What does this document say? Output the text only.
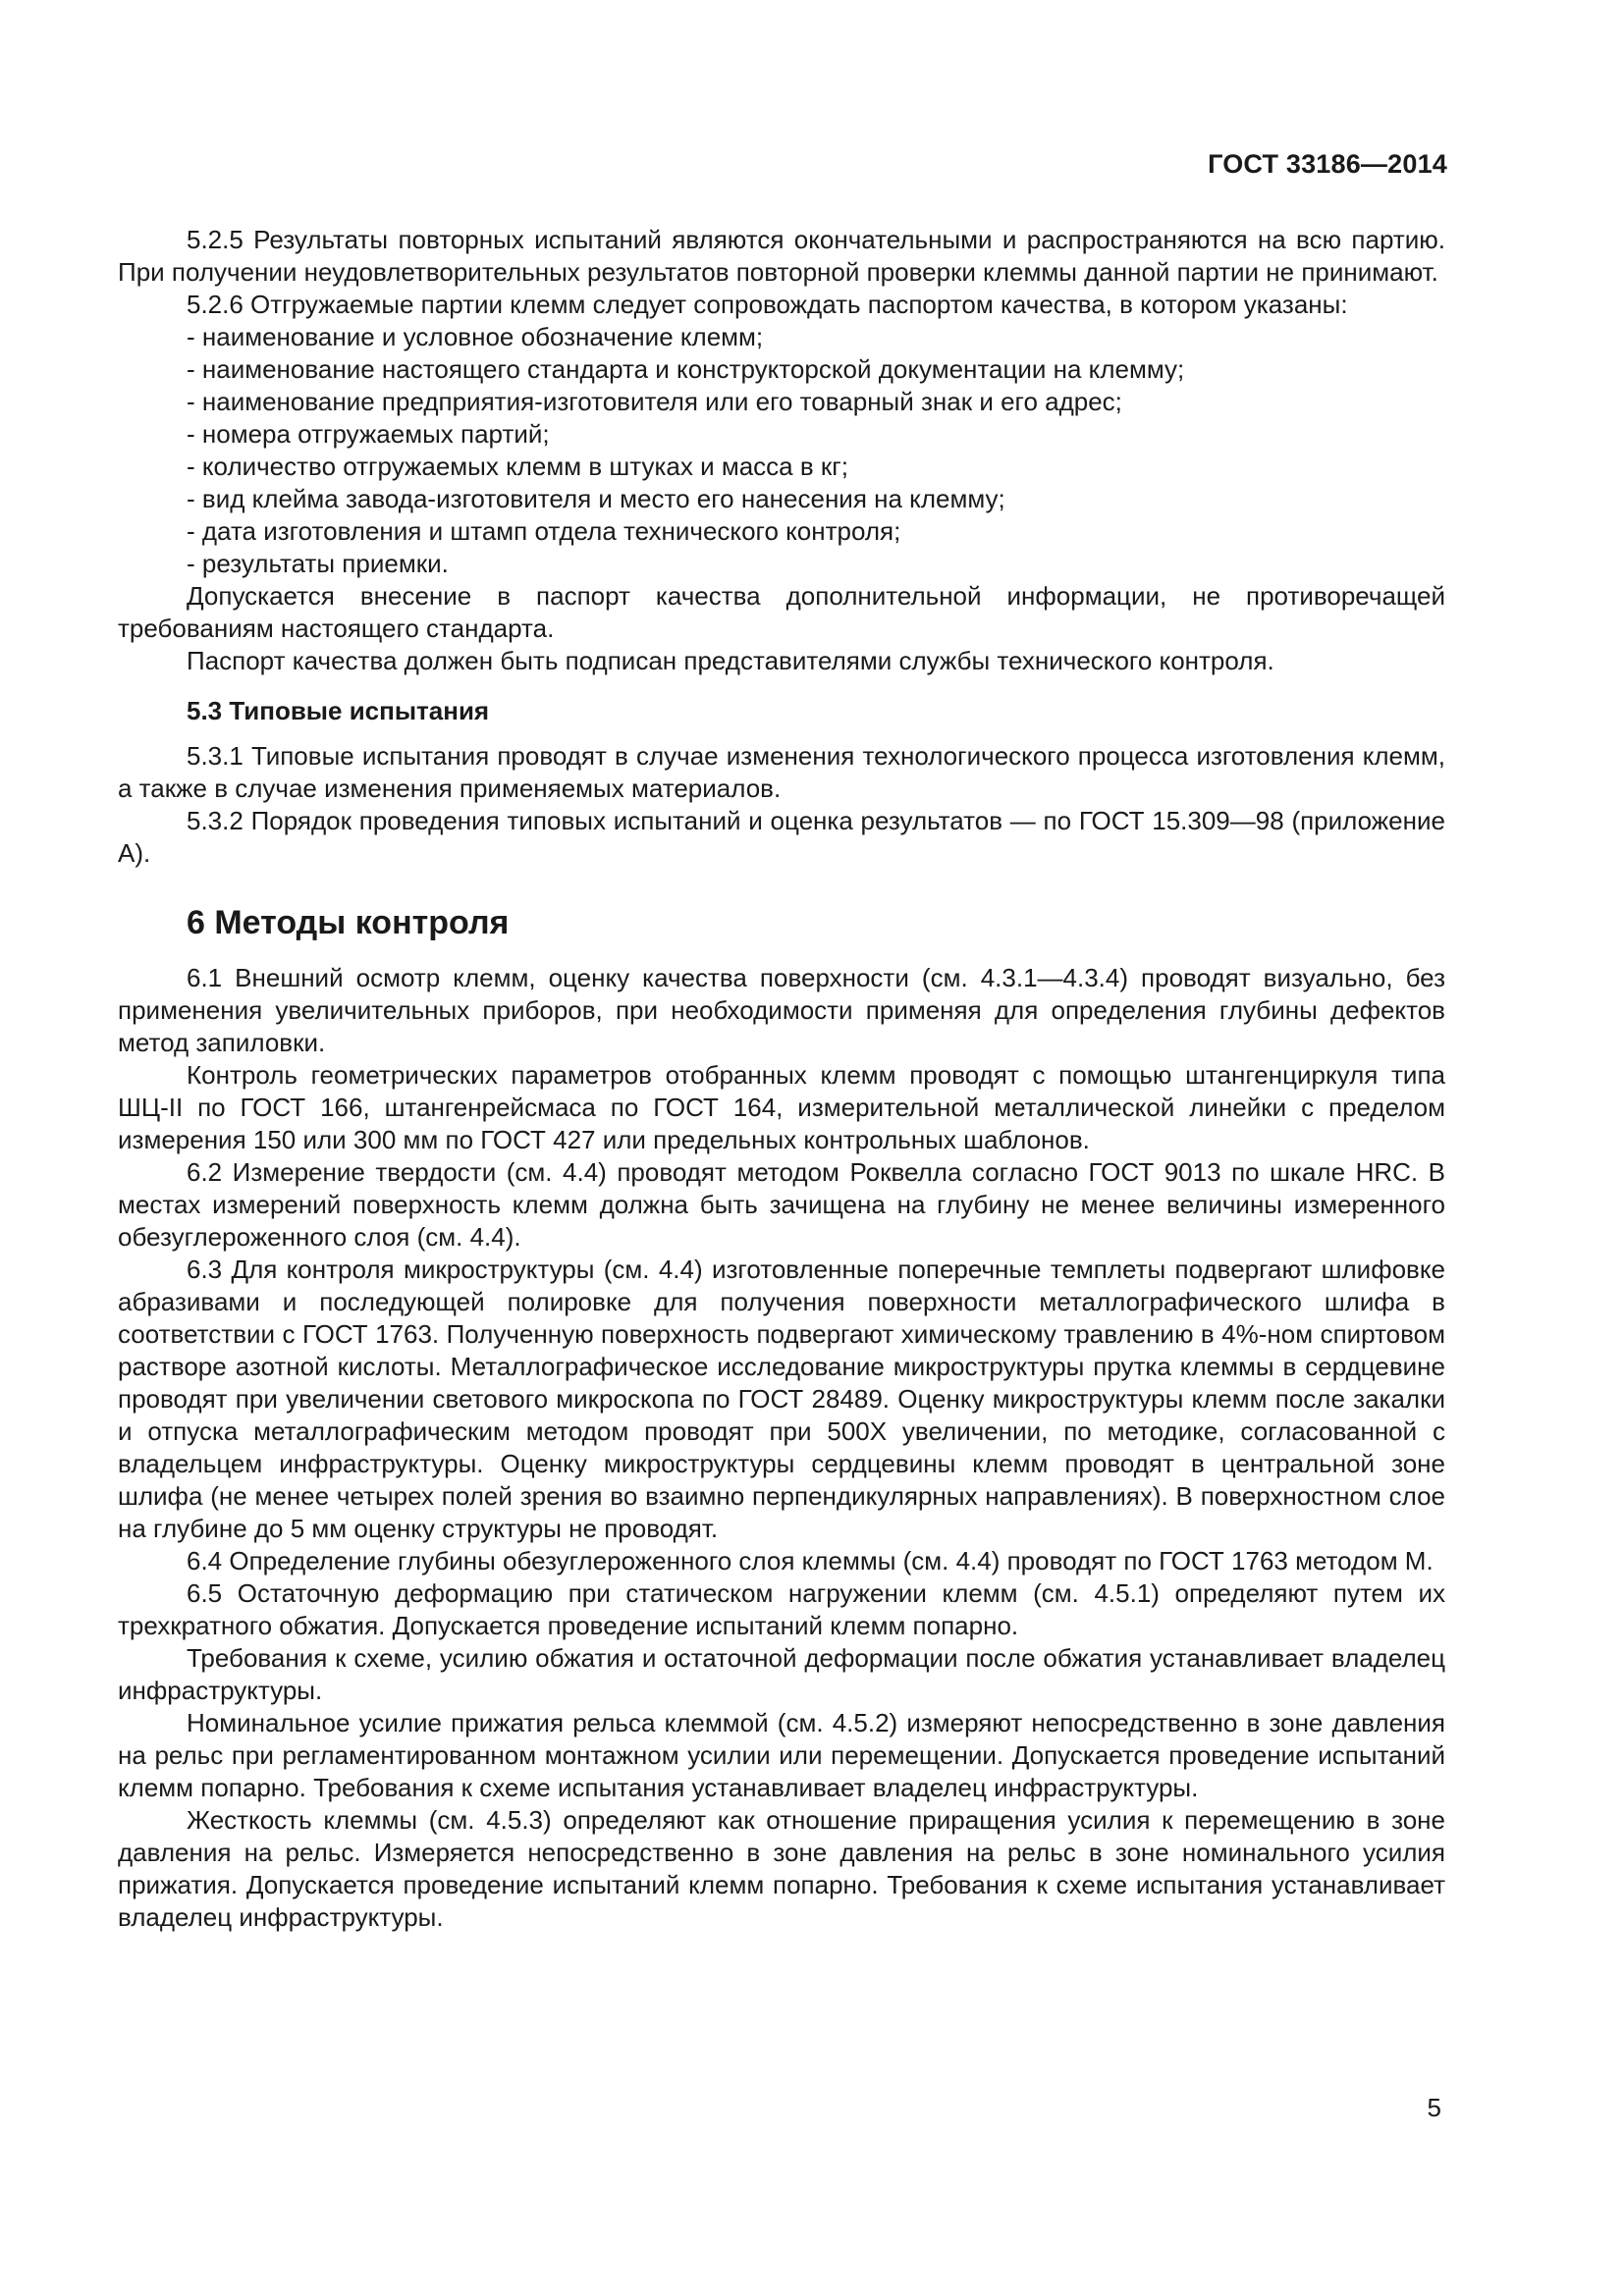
ГОСТ 33186—2014

5.2.5 Результаты повторных испытаний являются окончательными и распространяются на всю партию. При получении неудовлетворительных результатов повторной проверки клеммы данной партии не принимают.

5.2.6 Отгружаемые партии клемм следует сопровождать паспортом качества, в котором указаны:

- наименование и условное обозначение клемм;

- наименование настоящего стандарта и конструкторской документации на клемму;

- наименование предприятия-изготовителя или его товарный знак и его адрес;

- номера отгружаемых партий;

- количество отгружаемых клемм в штуках и масса в кг;

- вид клейма завода-изготовителя и место его нанесения на клемму;

- дата изготовления и штамп отдела технического контроля;

- результаты приемки.

Допускается внесение в паспорт качества дополнительной информации, не противоречащей требованиям настоящего стандарта.

Паспорт качества должен быть подписан представителями службы технического контроля.

5.3 Типовые испытания

5.3.1 Типовые испытания проводят в случае изменения технологического процесса изготовления клемм, а также в случае изменения применяемых материалов.

5.3.2 Порядок проведения типовых испытаний и оценка результатов — по ГОСТ 15.309—98 (приложение А).

6 Методы контроля

6.1 Внешний осмотр клемм, оценку качества поверхности (см. 4.3.1—4.3.4) проводят визуально, без применения увеличительных приборов, при необходимости применяя для определения глубины дефектов метод запиловки.

Контроль геометрических параметров отобранных клемм проводят с помощью штангенциркуля типа ШЦ-II по ГОСТ 166, штангенрейсмаса по ГОСТ 164, измерительной металлической линейки с пределом измерения 150 или 300 мм по ГОСТ 427 или предельных контрольных шаблонов.

6.2 Измерение твердости (см. 4.4) проводят методом Роквелла согласно ГОСТ 9013 по шкале HRC. В местах измерений поверхность клемм должна быть зачищена на глубину не менее величины измеренного обезуглероженного слоя (см. 4.4).

6.3 Для контроля микроструктуры (см. 4.4) изготовленные поперечные темплеты подвергают шлифовке абразивами и последующей полировке для получения поверхности металлографического шлифа в соответствии с ГОСТ 1763. Полученную поверхность подвергают химическому травлению в 4%-ном спиртовом растворе азотной кислоты. Металлографическое исследование микроструктуры прутка клеммы в сердцевине проводят при увеличении светового микроскопа по ГОСТ 28489. Оценку микроструктуры клемм после закалки и отпуска металлографическим методом проводят при 500Х увеличении, по методике, согласованной с владельцем инфраструктуры. Оценку микроструктуры сердцевины клемм проводят в центральной зоне шлифа (не менее четырех полей зрения во взаимно перпендикулярных направлениях). В поверхностном слое на глубине до 5 мм оценку структуры не проводят.

6.4 Определение глубины обезуглероженного слоя клеммы (см. 4.4) проводят по ГОСТ 1763 методом М.

6.5 Остаточную деформацию при статическом нагружении клемм (см. 4.5.1) определяют путем их трехкратного обжатия. Допускается проведение испытаний клемм попарно.

Требования к схеме, усилию обжатия и остаточной деформации после обжатия устанавливает владелец инфраструктуры.

Номинальное усилие прижатия рельса клеммой (см. 4.5.2) измеряют непосредственно в зоне давления на рельс при регламентированном монтажном усилии или перемещении. Допускается проведение испытаний клемм попарно. Требования к схеме испытания устанавливает владелец инфраструктуры.

Жесткость клеммы (см. 4.5.3) определяют как отношение приращения усилия к перемещению в зоне давления на рельс. Измеряется непосредственно в зоне давления на рельс в зоне номинального усилия прижатия. Допускается проведение испытаний клемм попарно. Требования к схеме испытания устанавливает владелец инфраструктуры.

5
